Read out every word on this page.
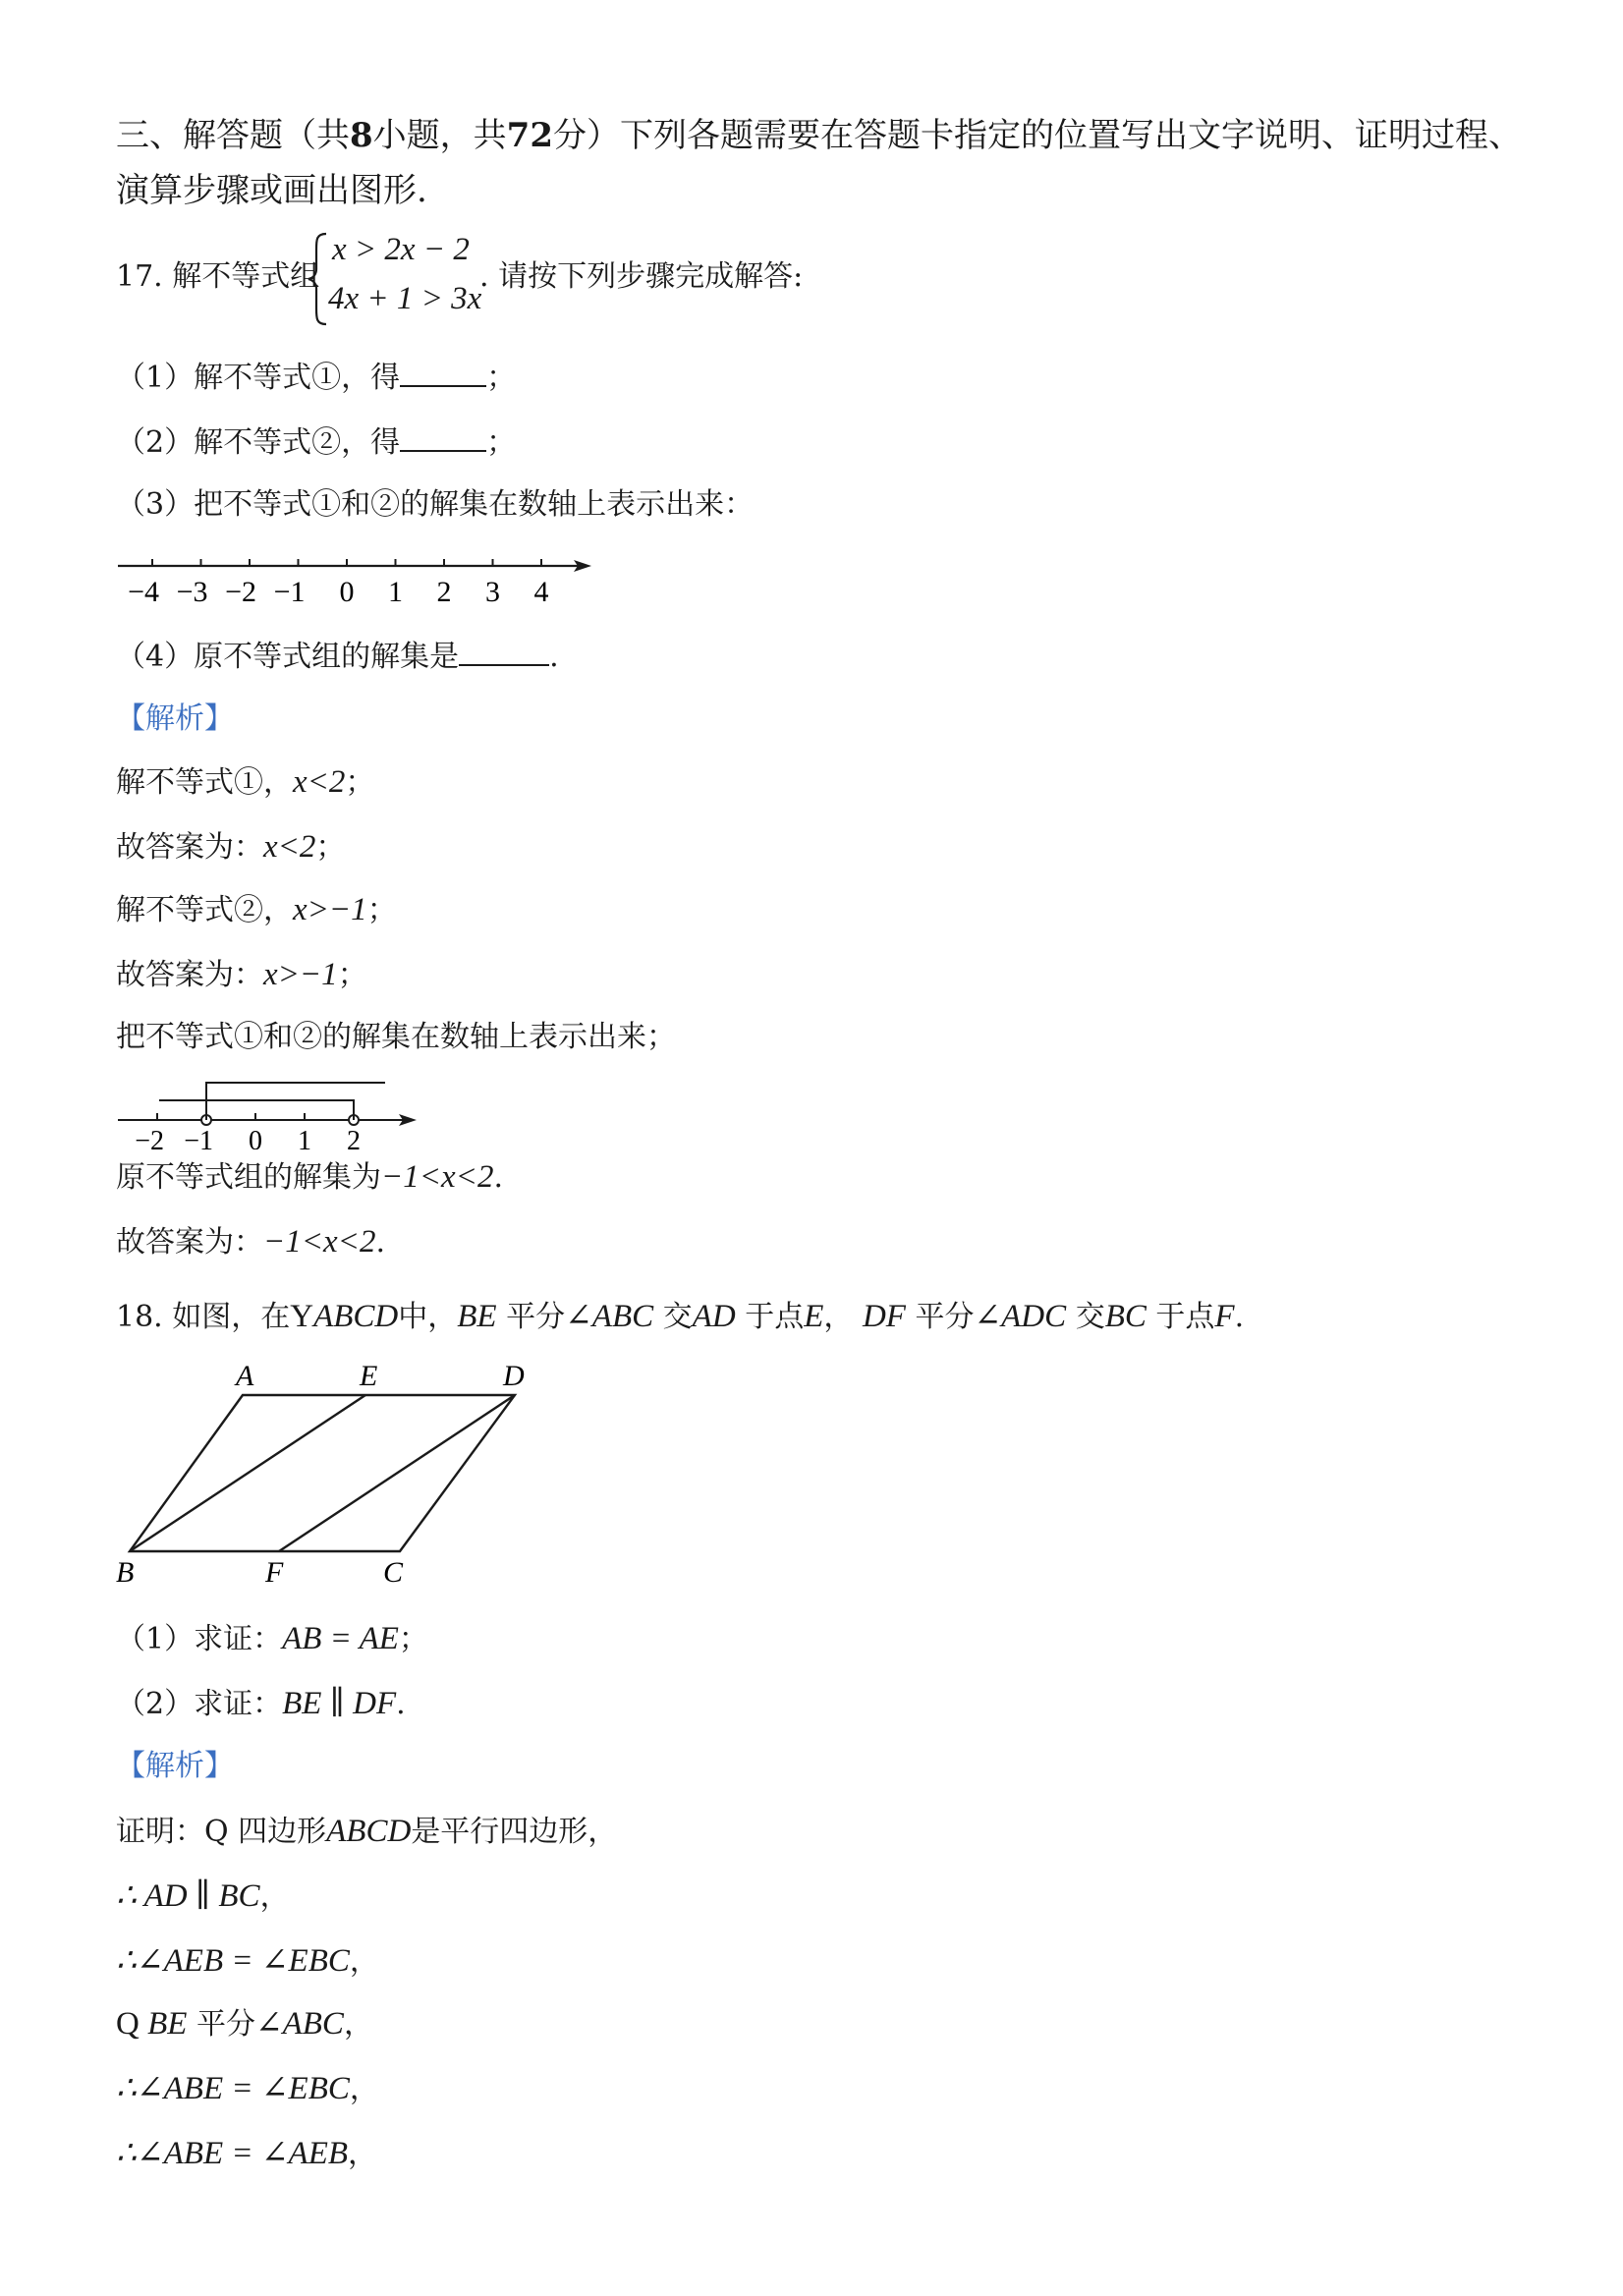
三、解答题（共8小题，共72分）下列各题需要在答题卡指定的位置写出文字说明、证明过程、
演算步骤或画出图形.
17. 解不等式组
x > 2x − 2
4x + 1 > 3x
. 请按下列步骤完成解答:
（1）解不等式①，得	；
（2）解不等式②，得	；
（3）把不等式①和②的解集在数轴上表示出来：
−4 −3 −2 −1 0 1 2 3 4
（4）原不等式组的解集是	.
【解析】
解不等式①，x<2；
故答案为：x<2；
解不等式②，x>−1；
故答案为：x>−1；
把不等式①和②的解集在数轴上表示出来；
−2 −1 0 1 2
原不等式组的解集为−1<x<2.
故答案为：−1<x<2.
18. 如图，在YABCD中，BE 平分∠ABC 交AD 于点E， DF 平分∠ADC 交BC 于点F.
A	E	D
B	F	C
（1）求证：AB = AE；
（2）求证：BE ∥ DF.
【解析】
证明：Q 四边形ABCD是平行四边形，
∴ AD ∥ BC，
∴∠AEB = ∠EBC，
Q BE 平分∠ABC，
∴∠ABE = ∠EBC，
∴∠ABE = ∠AEB，
